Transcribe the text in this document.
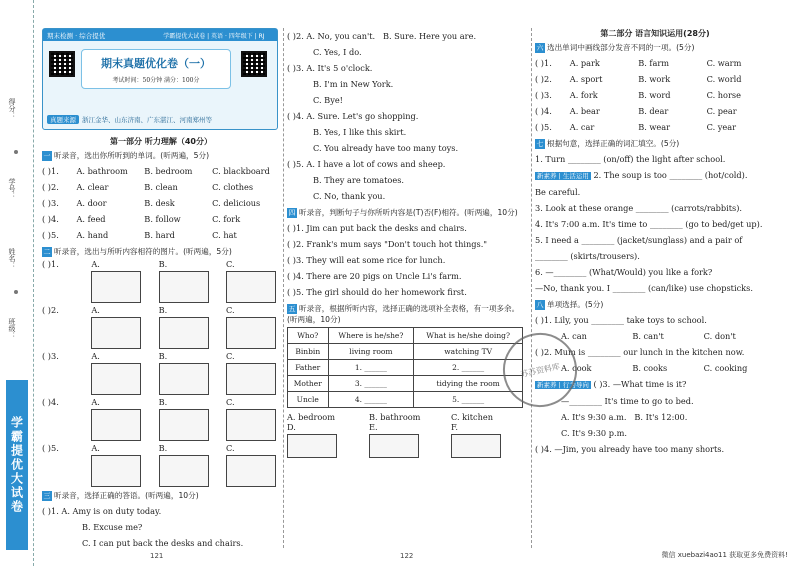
得分：
学号：
姓名：
班级：
学霸提优大试卷
期末检测 · 综合提优	学霸提优大试卷 | 英语 · 四年级下 | RJ
期末真题优化卷（一）
考试时间：50分钟 满分：100分
真题来源 浙江金华、山东济南、广东湛江、河南郑州等
第一部分 听力理解（40分）
一 听录音，选出你所听到的单词。(听两遍，5分)
( )1.	A. bathroom	B. bedroom	C. blackboard
( )2.	A. clear	B. clean	C. clothes
( )3.	A. door	B. desk	C. delicious
( )4.	A. feed	B. follow	C. fork
( )5.	A. hand	B. hard	C. hat
二 听录音，选出与所听内容相符的图片。(听两遍，5分)
( )1.	A.	B.	C.
( )2.	A.	B.	C.
( )3.	A.	B.	C.
( )4.	A.	B.	C.
( )5.	A.	B.	C.
三 听录音，选择正确的答语。(听两遍，10分)
( )1. A. Amy is on duty today.
B. Excuse me?
C. I can put back the desks and chairs.
( )2. A. No, you can't. B. Sure. Here you are.
C. Yes, I do.
( )3. A. It's 5 o'clock.
B. I'm in New York.
C. Bye!
( )4. A. Sure. Let's go shopping.
B. Yes, I like this skirt.
C. You already have too many toys.
( )5. A. I have a lot of cows and sheep.
B. They are tomatoes.
C. No, thank you.
四 听录音，判断句子与你所听内容是(T)否(F)相符。(听两遍，10分)
( )1. Jim can put back the desks and chairs.
( )2. Frank's mum says "Don't touch hot things."
( )3. They will eat some rice for lunch.
( )4. There are 20 pigs on Uncle Li's farm.
( )5. The girl should do her homework first.
五 听录音，根据所听内容，选择正确的选项补全表格，有一项多余。(听两遍，10分)
Who?	Where is he/she?	What is he/she doing?
Binbin	living room	watching TV
Father	1. ______	2. ______
Mother	3. ______	tidying the room
Uncle	4. ______	5. ______
A. bedroom	B. bathroom	C. kitchen
D.	E.	F.
第二部分 语言知识运用(28分)
六 选出单词中画线部分发音不同的一项。(5分)
( )1.	A. park	B. farm	C. warm
( )2.	A. sport	B. work	C. world
( )3.	A. fork	B. word	C. horse
( )4.	A. bear	B. dear	C. pear
( )5.	A. car	B. wear	C. year
七 根据句意，选择正确的词汇填空。(5分)
1. Turn ________ (on/off) the light after school.
新素养 | 生活运用 2. The soup is too ________ (hot/cold).
Be careful.
3. Look at these orange ________ (carrots/rabbits).
4. It's 7:00 a.m. It's time to ________ (go to bed/get up).
5. I need a ________ (jacket/sunglass) and a pair of ________ (skirts/trousers).
6. —________ (What/Would) you like a fork?
—No, thank you. I ________ (can/like) use chopsticks.
八 单项选择。(5分)
( )1. Lily, you ________ take toys to school.
A. can	B. can't	C. don't
( )2. Mum is ________ our lunch in the kitchen now.
A. cook	B. cooks	C. cooking
新素养 | 行为导向 ( )3. —What time is it?
—________ It's time to go to bed.
A. It's 9:30 a.m. B. It's 12:00.
C. It's 9:30 p.m.
( )4. —Jim, you already have too many shorts.
苏苏资料库
121	122	微信 xuebazi4ao11 获取更多免费资料!
